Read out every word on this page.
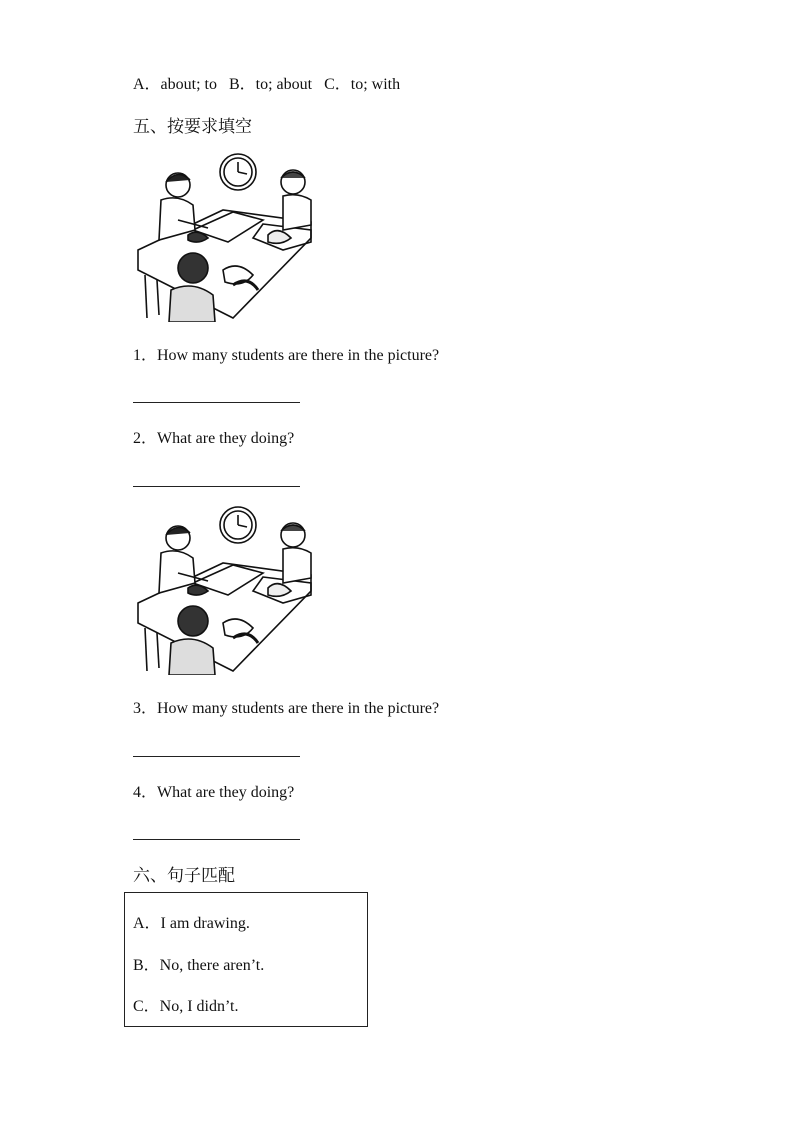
A．about; to   B．to; about   C．to; with
五、按要求填空
1．How many students are there in the picture?
2．What are they doing?
3．How many students are there in the picture?
4．What are they doing?
六、句子匹配
A．I am drawing.
B．No, there aren’t.
C．No, I didn’t.
